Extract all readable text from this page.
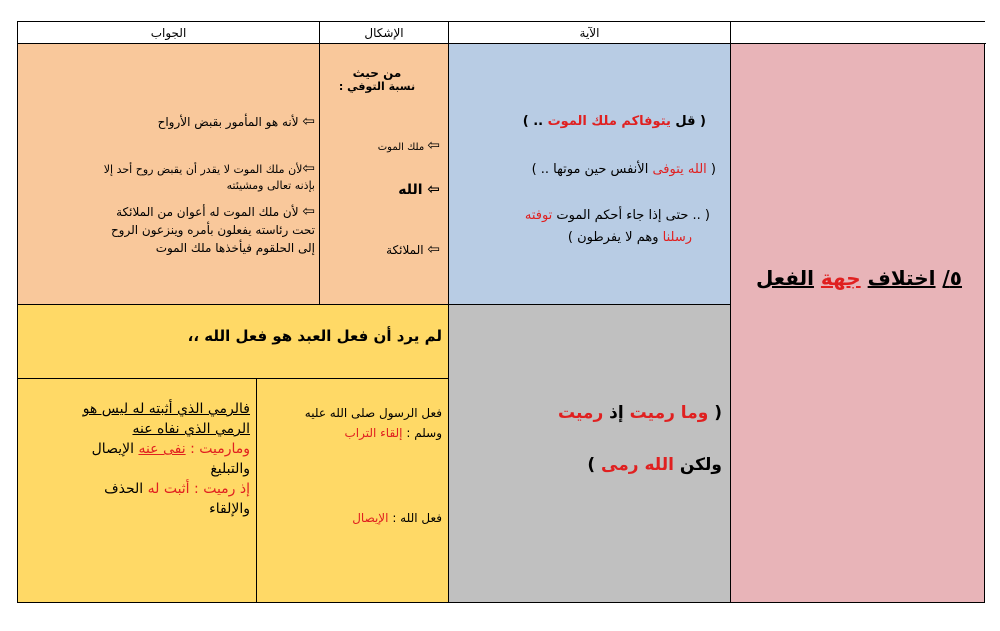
الجواب	الإشكال	الآية
٥/ اختلاف جهة الفعل
( قل يتوفاكم ملك الموت .. )
( الله يتوفى الأنفس حين موتها .. )
( .. حتى إذا جاء أحكم الموت توفته
رسلنا وهم لا يفرطون )
من حيث
نسبة التوفي :
⇦ ملك الموت
⇦ الله
⇦ الملائكة
⇦ لأنه هو المأمور بقبض الأرواح
⇦لأن ملك الموت لا يقدر أن يقبض روح أحد إلا
بإذنه تعالى ومشيئته
⇦ لأن ملك الموت له أعوان من الملائكة
تحت رئاسته يفعلون بأمره وينزعون الروح
إلى الحلقوم فيأخذها ملك الموت
( وما رميت إذ رميت
ولكن الله رمى )
لم يرد أن فعل العبد هو فعل الله ،،
فعل الرسول صلى الله عليه
وسلم : إلقاء التراب
فعل الله : الإيصال
فالرمي الذي أثبته له ليس هو
الرمي الذي نفاه عنه
ومارميت : نفى عنه الإيصال
والتبليغ
إذ رميت : أثبت له الحذف
والإلقاء
